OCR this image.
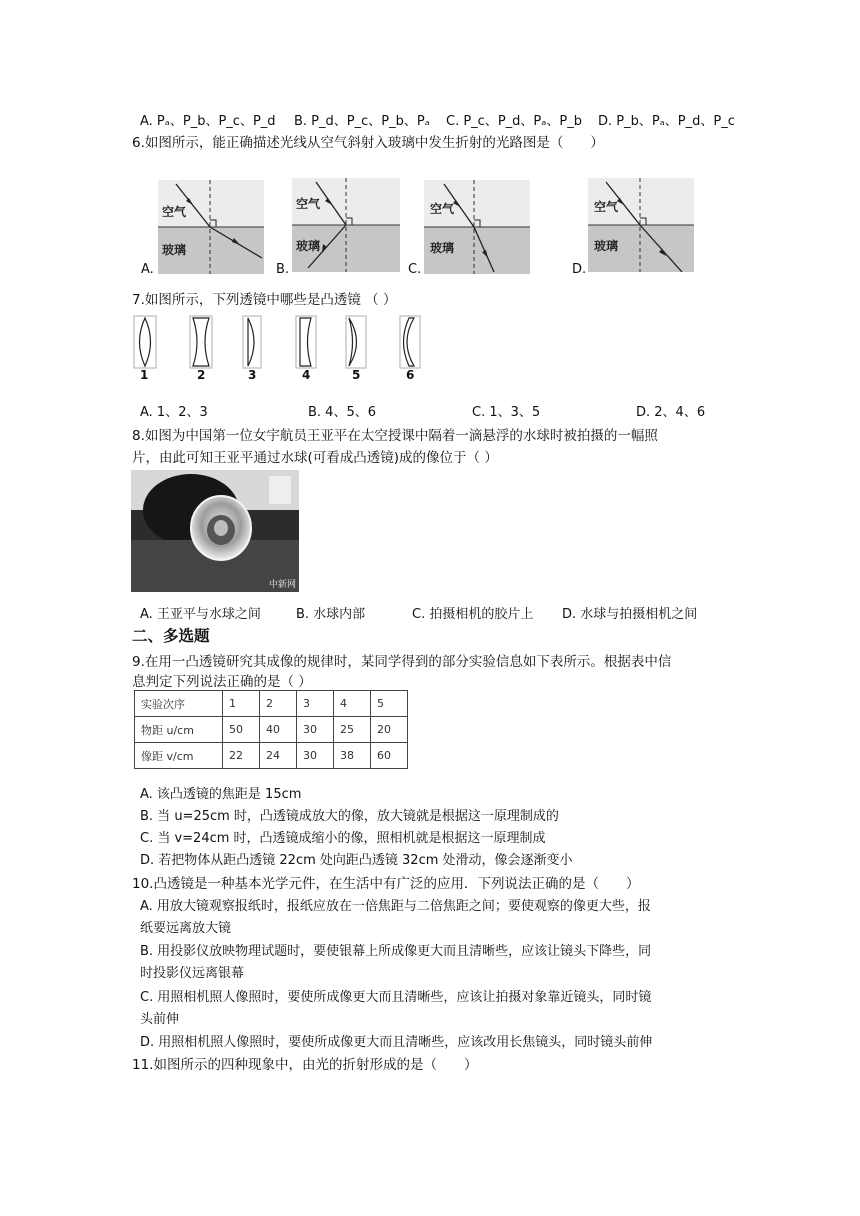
A. Pₐ、P_b、P_c、P_d B. P_d、P_c、P_b、Pₐ C. P_c、P_d、Pₐ、P_b D. P_b、Pₐ、P_d、P_c
6.如图所示，能正确描述光线从空气斜射入玻璃中发生折射的光路图是（　　）
空气
玻璃
A.
空气
玻璃
B.
空气
玻璃
C.
空气
玻璃
D.
7.如图所示，下列透镜中哪些是凸透镜 （ ）
1	2	3	4	5	6
A. 1、2、3	B. 4、5、6	C. 1、3、5	D. 2、4、6
8.如图为中国第一位女宇航员王亚平在太空授课中隔着一滴悬浮的水球时被拍摄的一幅照
片，由此可知王亚平通过水球(可看成凸透镜)成的像位于（ ）
中新网
A. 王亚平与水球之间	B. 水球内部	C. 拍摄相机的胶片上 D. 水球与拍摄相机之间
二、多选题
9.在用一凸透镜研究其成像的规律时，某同学得到的部分实验信息如下表所示。根据表中信
息判定下列说法正确的是（ ）
实验次序	1	2	3	4	5
物距 u/cm	50	40	30	25	20
像距 v/cm	22	24	30	38	60
A. 该凸透镜的焦距是 15cm
B. 当 u=25cm 时，凸透镜成放大的像，放大镜就是根据这一原理制成的
C. 当 v=24cm 时，凸透镜成缩小的像，照相机就是根据这一原理制成
D. 若把物体从距凸透镜 22cm 处向距凸透镜 32cm 处滑动，像会逐渐变小
10.凸透镜是一种基本光学元件，在生活中有广泛的应用．下列说法正确的是（　　）
A. 用放大镜观察报纸时，报纸应放在一倍焦距与二倍焦距之间；要使观察的像更大些，报
纸要远离放大镜
B. 用投影仪放映物理试题时，要使银幕上所成像更大而且清晰些，应该让镜头下降些，同
时投影仪远离银幕
C. 用照相机照人像照时，要使所成像更大而且清晰些，应该让拍摄对象靠近镜头，同时镜
头前伸
D. 用照相机照人像照时，要使所成像更大而且清晰些，应该改用长焦镜头，同时镜头前伸
11.如图所示的四种现象中，由光的折射形成的是（　　）
